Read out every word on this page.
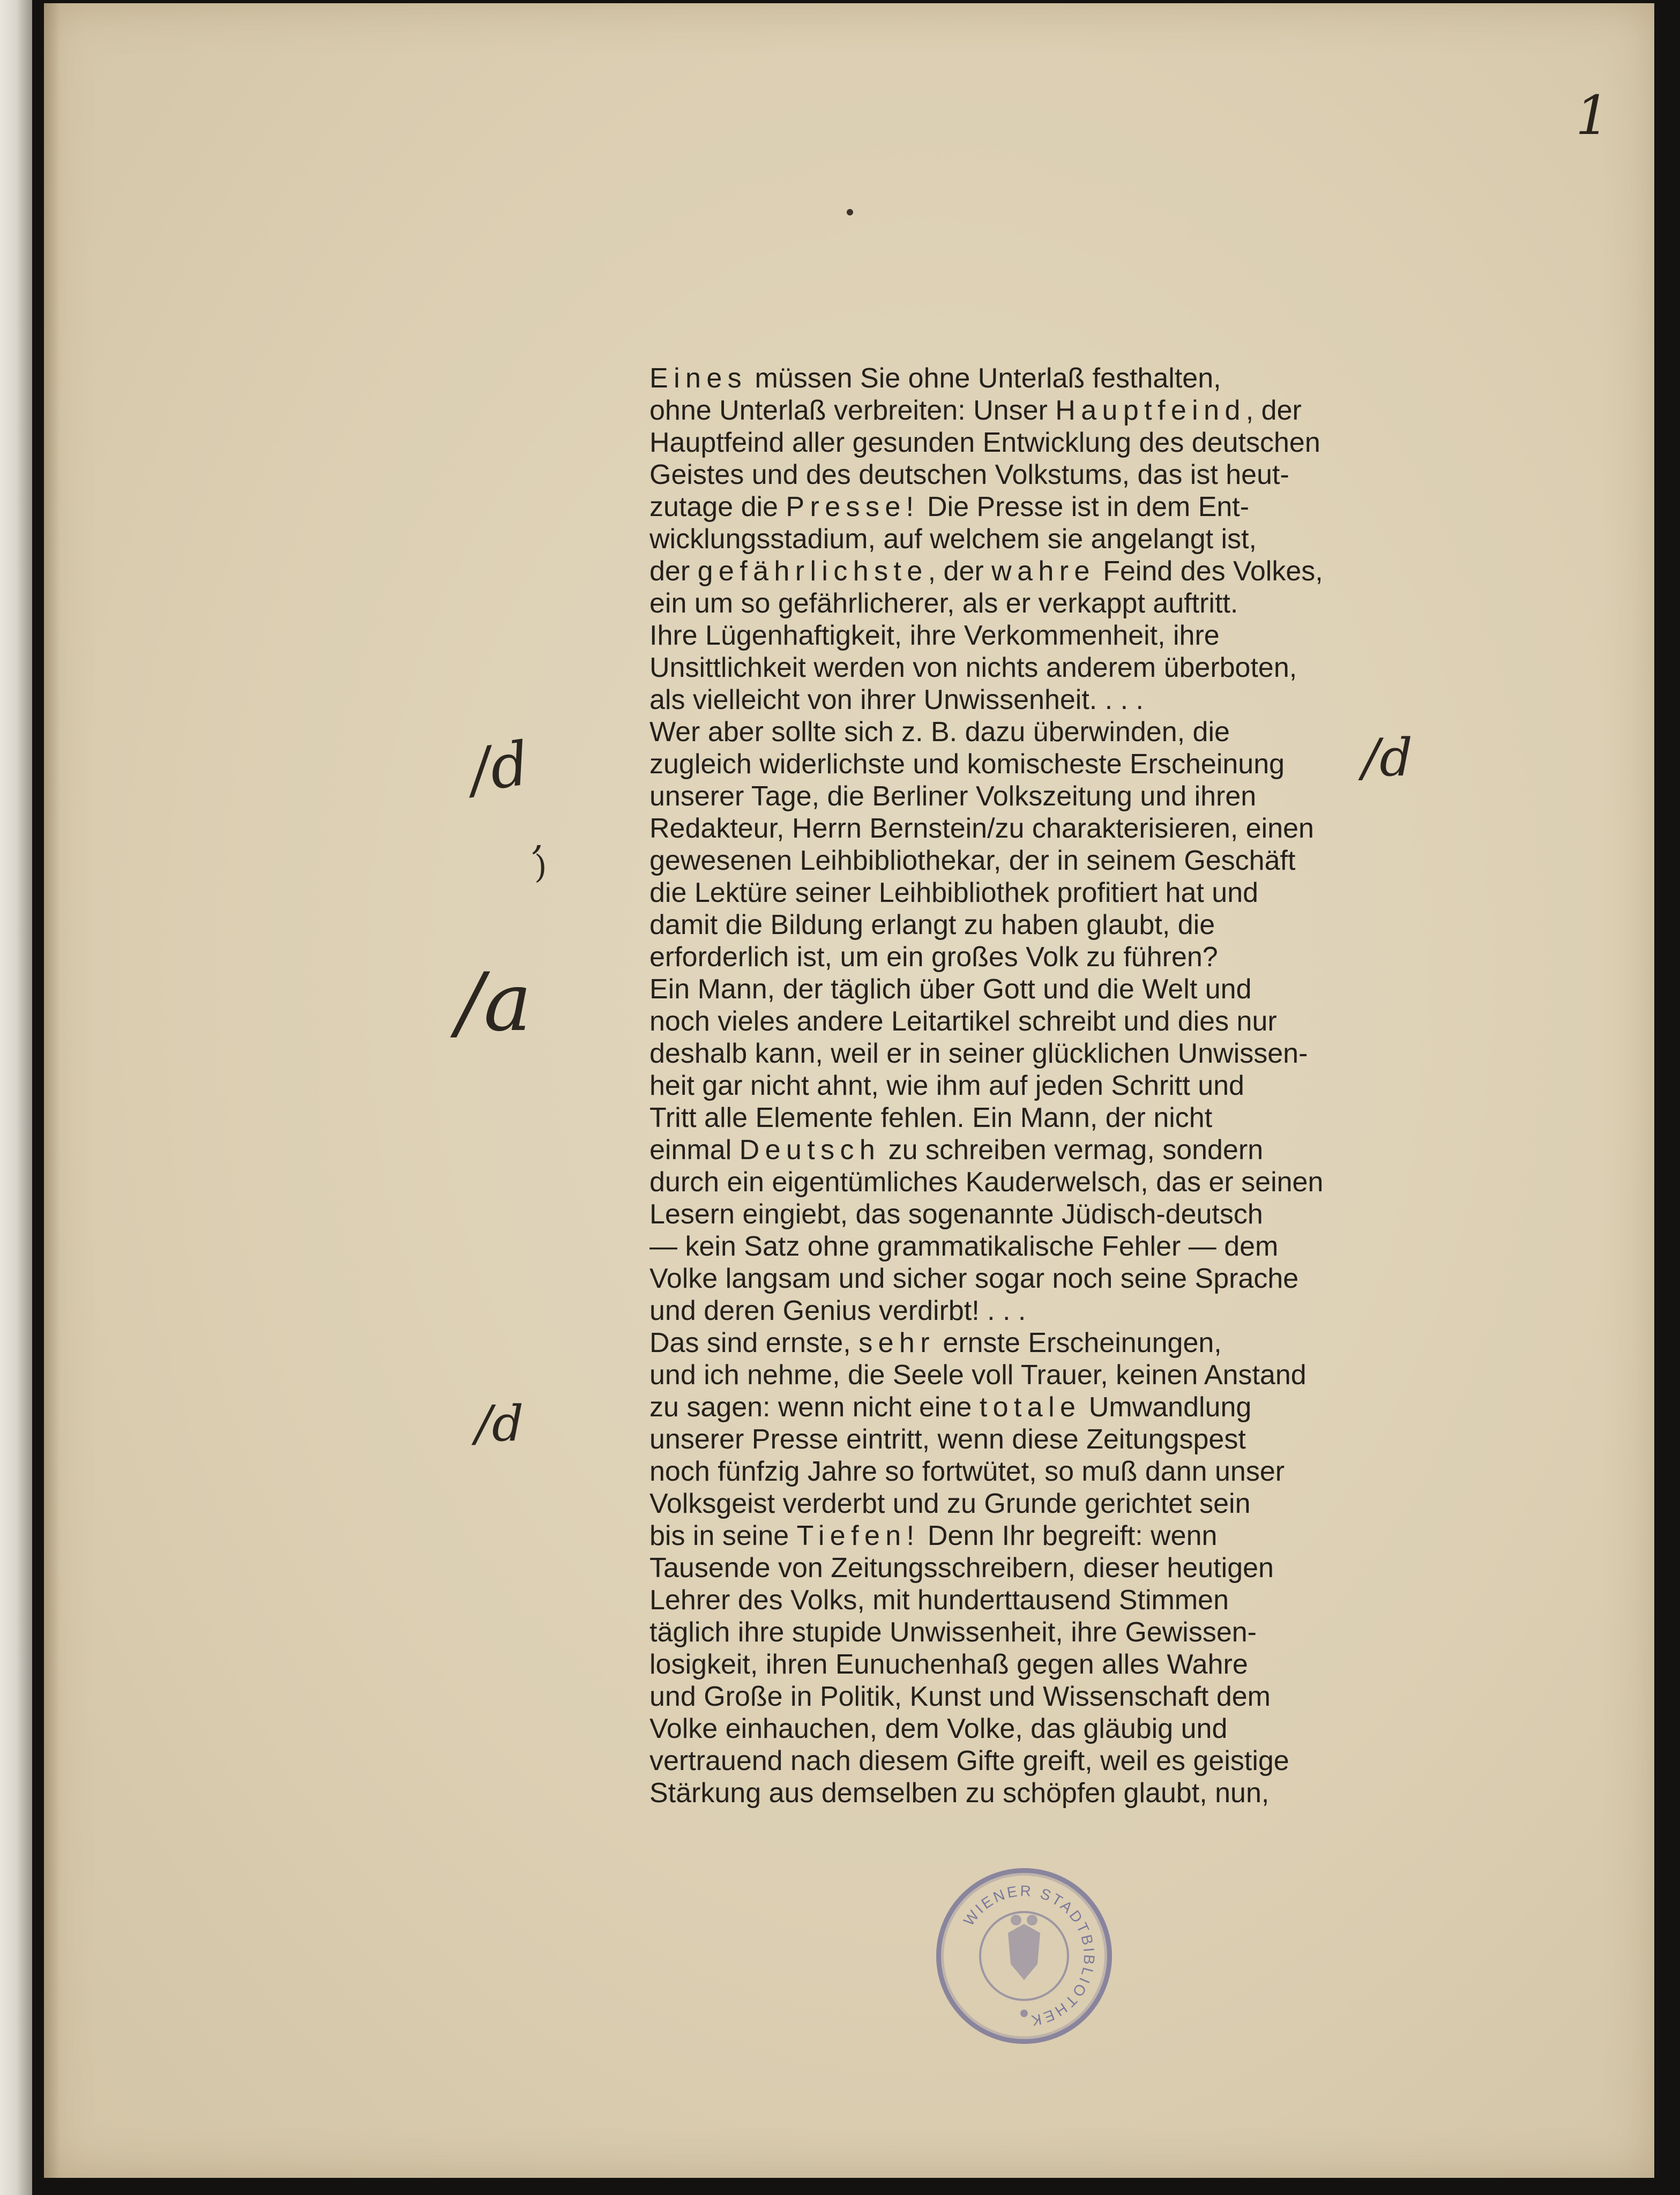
1

Eines müssen Sie ohne Unterlaß festhalten,
ohne Unterlaß verbreiten: Unser Hauptfeind, der
Hauptfeind aller gesunden Entwicklung des deutschen
Geistes und des deutschen Volkstums, das ist heut-
zutage die Presse! Die Presse ist in dem Ent-
wicklungsstadium, auf welchem sie angelangt ist,
der gefährlichste, der wahre Feind des Volkes,
ein um so gefährlicherer, als er verkappt auftritt.
Ihre Lügenhaftigkeit, ihre Verkommenheit, ihre
Unsittlichkeit werden von nichts anderem überboten,
als vielleicht von ihrer Unwissenheit. . . .

Wer aber sollte sich z. B. dazu überwinden, die
zugleich widerlichste und komischeste Erscheinung
unserer Tage, die Berliner Volkszeitung und ihren
Redakteur, Herrn Bernstein/zu charakterisieren, einen
gewesenen Leihbibliothekar, der in seinem Geschäft
die Lektüre seiner Leihbibliothek profitiert hat und
damit die Bildung erlangt zu haben glaubt, die
erforderlich ist, um ein großes Volk zu führen?
Ein Mann, der täglich über Gott und die Welt und
noch vieles andere Leitartikel schreibt und dies nur
deshalb kann, weil er in seiner glücklichen Unwissen-
heit gar nicht ahnt, wie ihm auf jeden Schritt und
Tritt alle Elemente fehlen. Ein Mann, der nicht
einmal Deutsch zu schreiben vermag, sondern
durch ein eigentümliches Kauderwelsch, das er seinen
Lesern eingiebt, das sogenannte Jüdisch-deutsch
— kein Satz ohne grammatikalische Fehler — dem
Volke langsam und sicher sogar noch seine Sprache
und deren Genius verdirbt! . . .

Das sind ernste, sehr ernste Erscheinungen,
und ich nehme, die Seele voll Trauer, keinen Anstand
zu sagen: wenn nicht eine totale Umwandlung
unserer Presse eintritt, wenn diese Zeitungspest
noch fünfzig Jahre so fortwütet, so muß dann unser
Volksgeist verderbt und zu Grunde gerichtet sein
bis in seine Tiefen! Denn Ihr begreift: wenn
Tausende von Zeitungsschreibern, dieser heutigen
Lehrer des Volks, mit hunderttausend Stimmen
täglich ihre stupide Unwissenheit, ihre Gewissen-
losigkeit, ihren Eunuchenhaß gegen alles Wahre
und Große in Politik, Kunst und Wissenschaft dem
Volke einhauchen, dem Volke, das gläubig und
vertrauend nach diesem Gifte greift, weil es geistige
Stärkung aus demselben zu schöpfen glaubt, nun,

/d	/d
/a
/d
,
)
WIENER STADTBIBLIOTHEK
